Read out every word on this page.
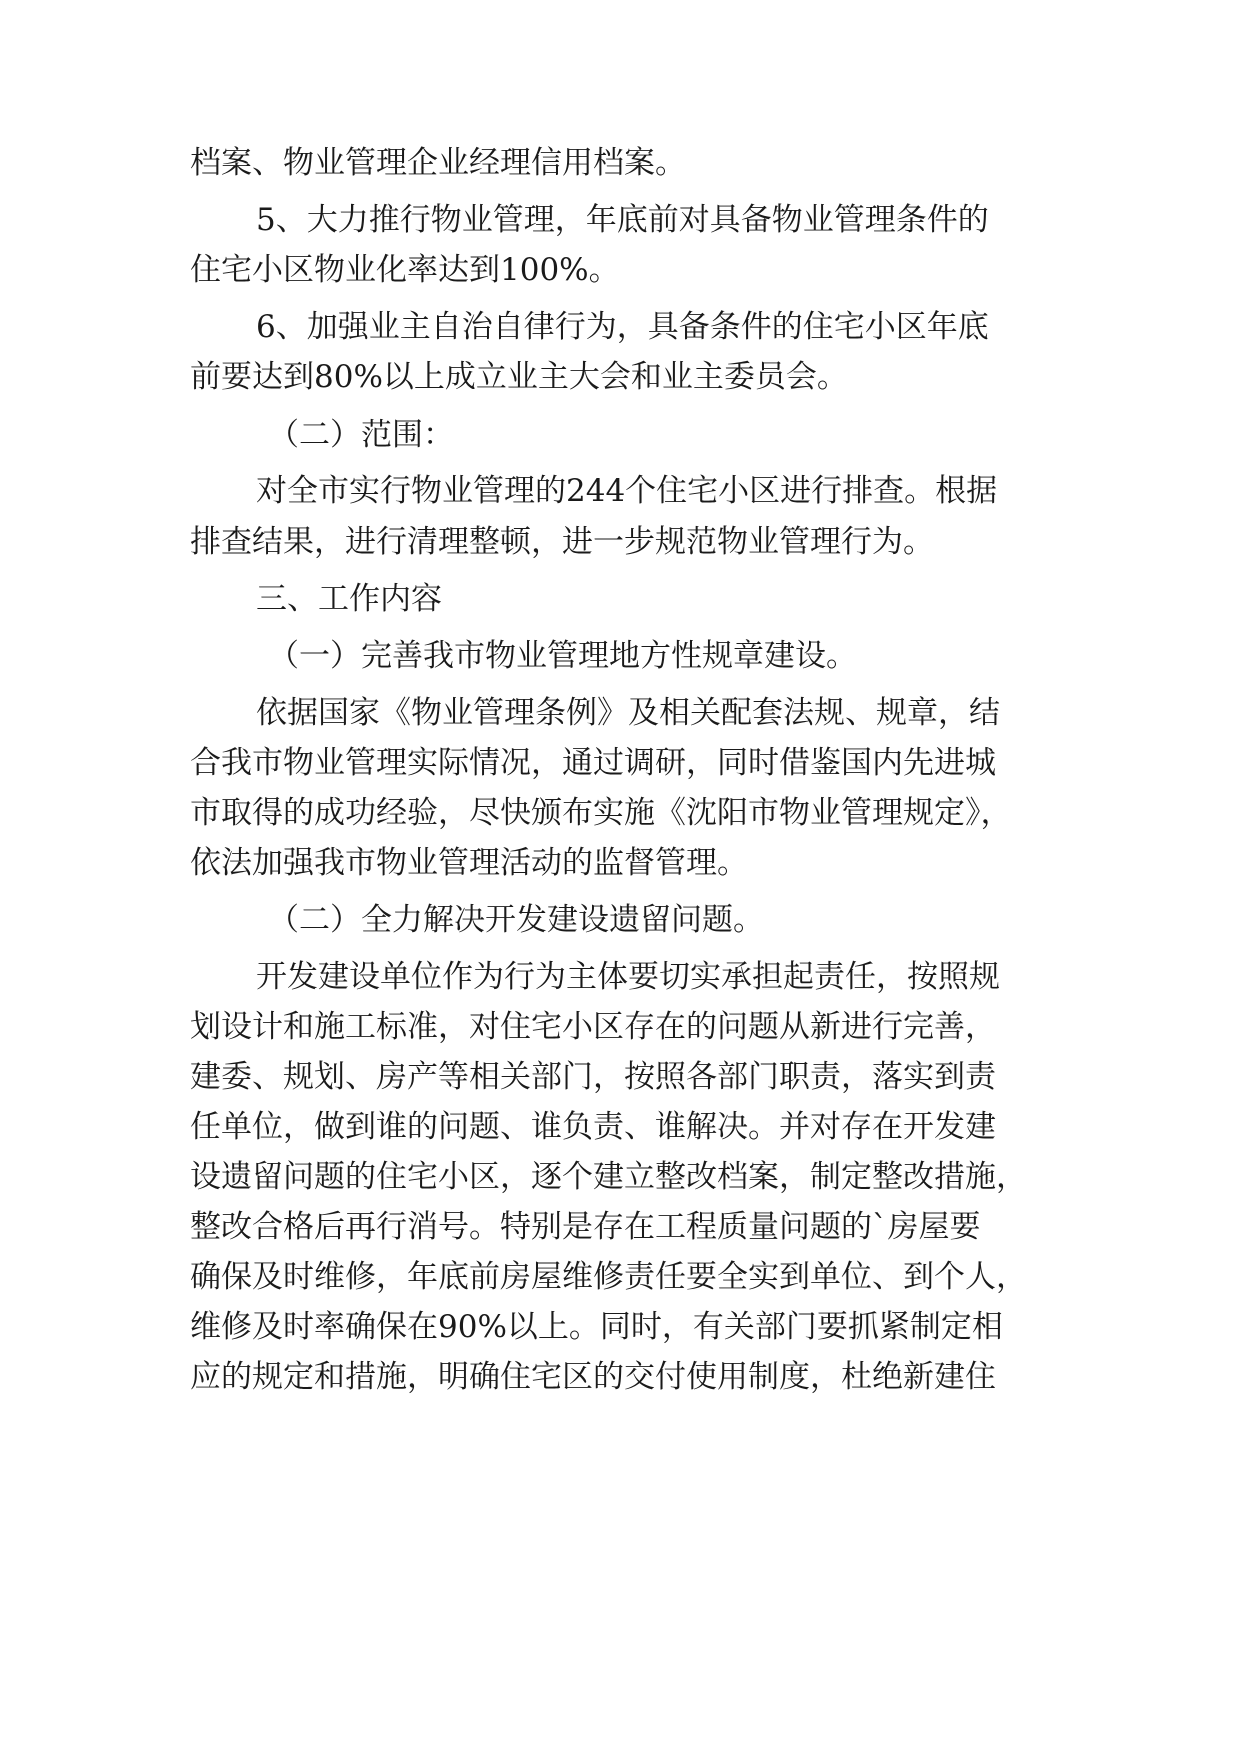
档案、物业管理企业经理信用档案。
5、大力推行物业管理，年底前对具备物业管理条件的
住宅小区物业化率达到100%。
6、加强业主自治自律行为，具备条件的住宅小区年底
前要达到80%以上成立业主大会和业主委员会。
（二）范围：
对全市实行物业管理的244个住宅小区进行排查。根据
排查结果，进行清理整顿，进一步规范物业管理行为。
三、工作内容
（一）完善我市物业管理地方性规章建设。
依据国家《物业管理条例》及相关配套法规、规章，结
合我市物业管理实际情况，通过调研，同时借鉴国内先进城
市取得的成功经验，尽快颁布实施《沈阳市物业管理规定》，
依法加强我市物业管理活动的监督管理。
（二）全力解决开发建设遗留问题。
开发建设单位作为行为主体要切实承担起责任，按照规
划设计和施工标准，对住宅小区存在的问题从新进行完善，
建委、规划、房产等相关部门，按照各部门职责，落实到责
任单位，做到谁的问题、谁负责、谁解决。并对存在开发建
设遗留问题的住宅小区，逐个建立整改档案，制定整改措施，
整改合格后再行消号。特别是存在工程质量问题的`房屋要
确保及时维修，年底前房屋维修责任要全实到单位、到个人，
维修及时率确保在90%以上。同时，有关部门要抓紧制定相
应的规定和措施，明确住宅区的交付使用制度，杜绝新建住
